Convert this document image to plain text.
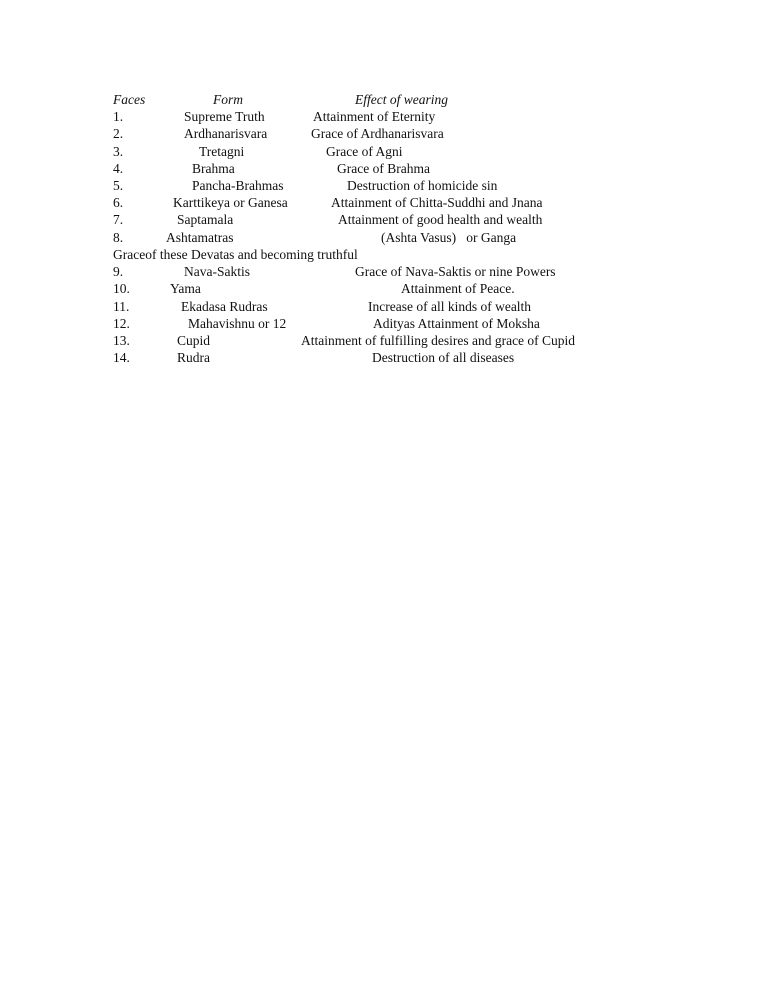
Faces	Form	Effect of wearing
1.	Supreme Truth	Attainment of Eternity
2.	Ardhanarisvara	Grace of Ardhanarisvara
3.	Tretagni	Grace of Agni
4.	Brahma	Grace of Brahma
5.	Pancha-Brahmas	Destruction of homicide sin
6.	Karttikeya or Ganesa	Attainment of Chitta-Suddhi and Jnana
7.	Saptamala	Attainment of good health and wealth
8.	Ashtamatras	(Ashta Vasus)   or Ganga
Graceof these Devatas and becoming truthful
9.	Nava-Saktis	Grace of Nava-Saktis or nine Powers
10.	Yama	Attainment of Peace.
11.	Ekadasa Rudras	Increase of all kinds of wealth
12.	Mahavishnu or 12	Adityas Attainment of Moksha
13.	Cupid	Attainment of fulfilling desires and grace of Cupid
14.	Rudra	Destruction of all diseases
